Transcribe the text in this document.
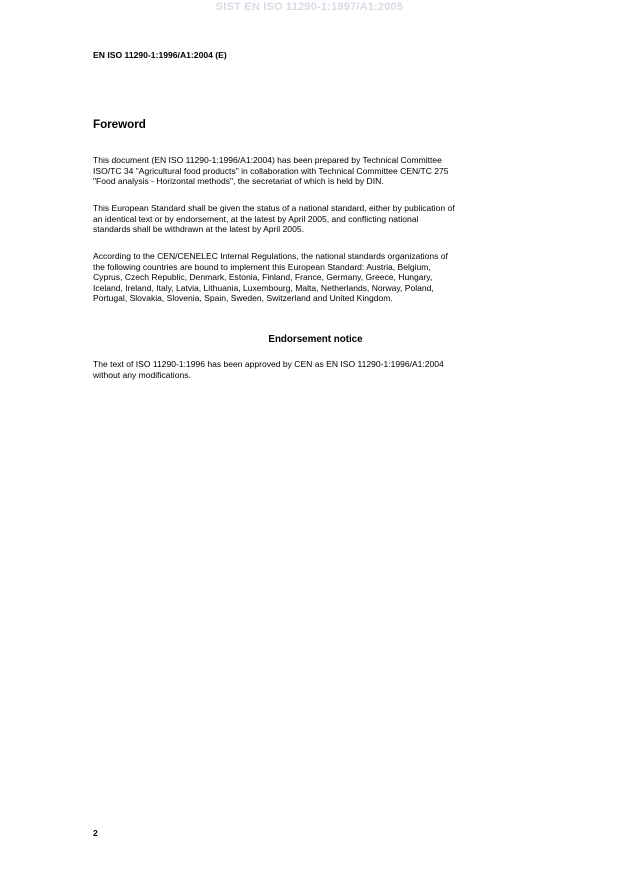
SIST EN ISO 11290-1:1997/A1:2005
EN ISO 11290-1:1996/A1:2004 (E)
Foreword
This document (EN ISO 11290-1:1996/A1:2004) has been prepared by Technical Committee
ISO/TC 34 "Agricultural food products" in collaboration with Technical Committee CEN/TC 275
"Food analysis - Horizontal methods", the secretariat of which is held by DIN.
This European Standard shall be given the status of a national standard, either by publication of
an identical text or by endorsement, at the latest by April 2005, and conflicting national
standards shall be withdrawn at the latest by April 2005.
According to the CEN/CENELEC Internal Regulations, the national standards organizations of
the following countries are bound to implement this European Standard: Austria, Belgium,
Cyprus, Czech Republic, Denmark, Estonia, Finland, France, Germany, Greece, Hungary,
Iceland, Ireland, Italy, Latvia, Lithuania, Luxembourg, Malta, Netherlands, Norway, Poland,
Portugal, Slovakia, Slovenia, Spain, Sweden, Switzerland and United Kingdom.
Endorsement notice
The text of ISO 11290-1:1996 has been approved by CEN as EN ISO 11290-1:1996/A1:2004
without any modifications.
2
